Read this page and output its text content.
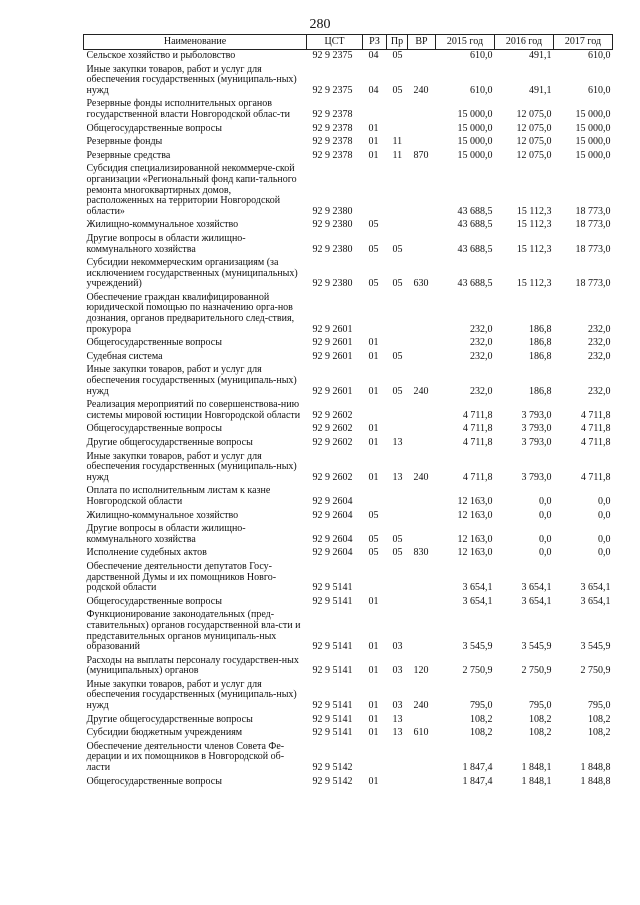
280
Наименование	ЦСТ	РЗ	Пр	ВР	2015 год	2016 год	2017 год
Сельское хозяйство и рыболовство	92 9 2375	04	05		610,0	491,1	610,0
Иные закупки товаров, работ и услуг для обеспечения государственных (муниципаль-ных) нужд	92 9 2375	04	05	240	610,0	491,1	610,0
Резервные фонды исполнительных органов государственной власти Новгородской облас-ти	92 9 2378				15 000,0	12 075,0	15 000,0
Общегосударственные вопросы	92 9 2378	01			15 000,0	12 075,0	15 000,0
Резервные фонды	92 9 2378	01	11		15 000,0	12 075,0	15 000,0
Резервные средства	92 9 2378	01	11	870	15 000,0	12 075,0	15 000,0
Субсидия специализированной некоммерче-ской организации «Региональный фонд капи-тального ремонта многоквартирных домов, расположенных на территории Новгородской области»	92 9 2380				43 688,5	15 112,3	18 773,0
Жилищно-коммунальное хозяйство	92 9 2380	05			43 688,5	15 112,3	18 773,0
Другие вопросы в области жилищно-коммунального хозяйства	92 9 2380	05	05		43 688,5	15 112,3	18 773,0
Субсидии некоммерческим организациям (за исключением государственных (муниципальных) учреждений)	92 9 2380	05	05	630	43 688,5	15 112,3	18 773,0
Обеспечение граждан квалифицированной юридической помощью по назначению орга-нов дознания, органов предварительного след-ствия, прокурора	92 9 2601				232,0	186,8	232,0
Общегосударственные вопросы	92 9 2601	01			232,0	186,8	232,0
Судебная система	92 9 2601	01	05		232,0	186,8	232,0
Иные закупки товаров, работ и услуг для обеспечения государственных (муниципаль-ных) нужд	92 9 2601	01	05	240	232,0	186,8	232,0
Реализация мероприятий по совершенствова-нию системы мировой юстиции Новгородской области	92 9 2602				4 711,8	3 793,0	4 711,8
Общегосударственные вопросы	92 9 2602	01			4 711,8	3 793,0	4 711,8
Другие общегосударственные вопросы	92 9 2602	01	13		4 711,8	3 793,0	4 711,8
Иные закупки товаров, работ и услуг для обеспечения государственных (муниципаль-ных) нужд	92 9 2602	01	13	240	4 711,8	3 793,0	4 711,8
Оплата по исполнительным листам к казне Новгородской области	92 9 2604				12 163,0	0,0	0,0
Жилищно-коммунальное хозяйство	92 9 2604	05			12 163,0	0,0	0,0
Другие вопросы в области жилищно-коммунального хозяйства	92 9 2604	05	05		12 163,0	0,0	0,0
Исполнение судебных актов	92 9 2604	05	05	830	12 163,0	0,0	0,0
Обеспечение деятельности депутатов Госу-дарственной Думы и их помощников Новго-родской области	92 9 5141				3 654,1	3 654,1	3 654,1
Общегосударственные вопросы	92 9 5141	01			3 654,1	3 654,1	3 654,1
Функционирование законодательных (пред-ставительных) органов государственной вла-сти и представительных органов муниципаль-ных образований	92 9 5141	01	03		3 545,9	3 545,9	3 545,9
Расходы на выплаты персоналу государствен-ных (муниципальных) органов	92 9 5141	01	03	120	2 750,9	2 750,9	2 750,9
Иные закупки товаров, работ и услуг для обеспечения государственных (муниципаль-ных) нужд	92 9 5141	01	03	240	795,0	795,0	795,0
Другие общегосударственные вопросы	92 9 5141	01	13		108,2	108,2	108,2
Субсидии бюджетным учреждениям	92 9 5141	01	13	610	108,2	108,2	108,2
Обеспечение деятельности членов Совета Фе-дерации и их помощников в Новгородской об-ласти	92 9 5142				1 847,4	1 848,1	1 848,8
Общегосударственные вопросы	92 9 5142	01			1 847,4	1 848,1	1 848,8
